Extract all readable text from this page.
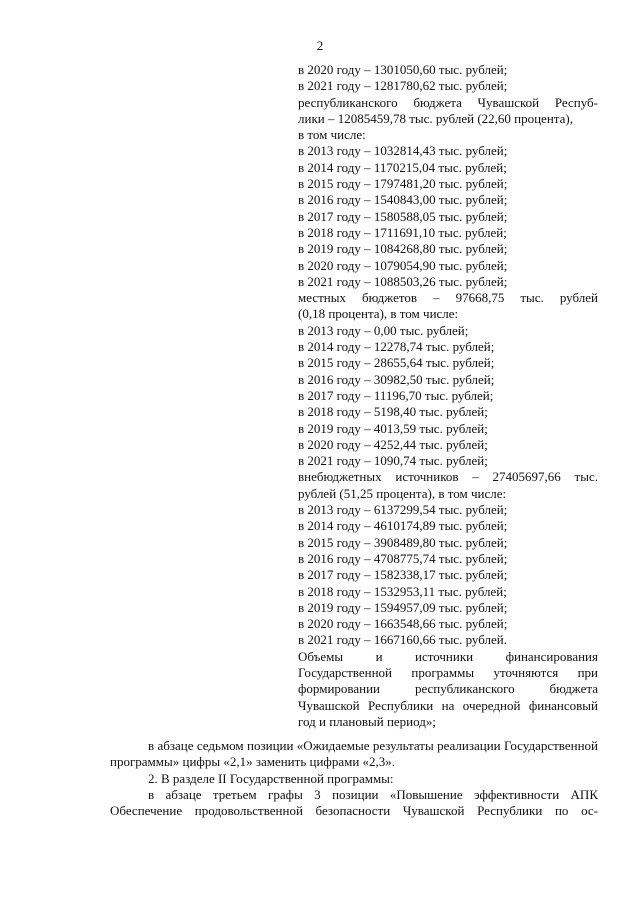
2
в 2020 году – 1301050,60 тыс. рублей;
в 2021 году – 1281780,62 тыс. рублей;
республиканского бюджета Чувашской Респуб-
лики – 12085459,78 тыс. рублей (22,60 процента),
в том числе:
в 2013 году – 1032814,43 тыс. рублей;
в 2014 году – 1170215,04 тыс. рублей;
в 2015 году – 1797481,20 тыс. рублей;
в 2016 году – 1540843,00 тыс. рублей;
в 2017 году – 1580588,05 тыс. рублей;
в 2018 году – 1711691,10 тыс. рублей;
в 2019 году – 1084268,80 тыс. рублей;
в 2020 году – 1079054,90 тыс. рублей;
в 2021 году – 1088503,26 тыс. рублей;
местных бюджетов – 97668,75 тыс. рублей
(0,18 процента), в том числе:
в 2013 году – 0,00 тыс. рублей;
в 2014 году – 12278,74 тыс. рублей;
в 2015 году – 28655,64 тыс. рублей;
в 2016 году – 30982,50 тыс. рублей;
в 2017 году – 11196,70 тыс. рублей;
в 2018 году – 5198,40 тыс. рублей;
в 2019 году – 4013,59 тыс. рублей;
в 2020 году – 4252,44 тыс. рублей;
в 2021 году – 1090,74 тыс. рублей;
внебюджетных источников – 27405697,66 тыс.
рублей (51,25 процента), в том числе:
в 2013 году – 6137299,54 тыс. рублей;
в 2014 году – 4610174,89 тыс. рублей;
в 2015 году – 3908489,80 тыс. рублей;
в 2016 году – 4708775,74 тыс. рублей;
в 2017 году – 1582338,17 тыс. рублей;
в 2018 году – 1532953,11 тыс. рублей;
в 2019 году – 1594957,09 тыс. рублей;
в 2020 году – 1663548,66 тыс. рублей;
в 2021 году – 1667160,66 тыс. рублей.
Объемы и источники финансирования Государственной программы уточняются при формировании республиканского бюджета Чувашской Республики на очередной финансовый год и плановый период»;

в абзаце седьмом позиции «Ожидаемые результаты реализации Государственной программы» цифры «2,1» заменить цифрами «2,3».

2. В разделе II Государственной программы:

в абзаце третьем графы 3 позиции «Повышение эффективности АПК

Обеспечение продовольственной безопасности Чувашской Республики по ос-
